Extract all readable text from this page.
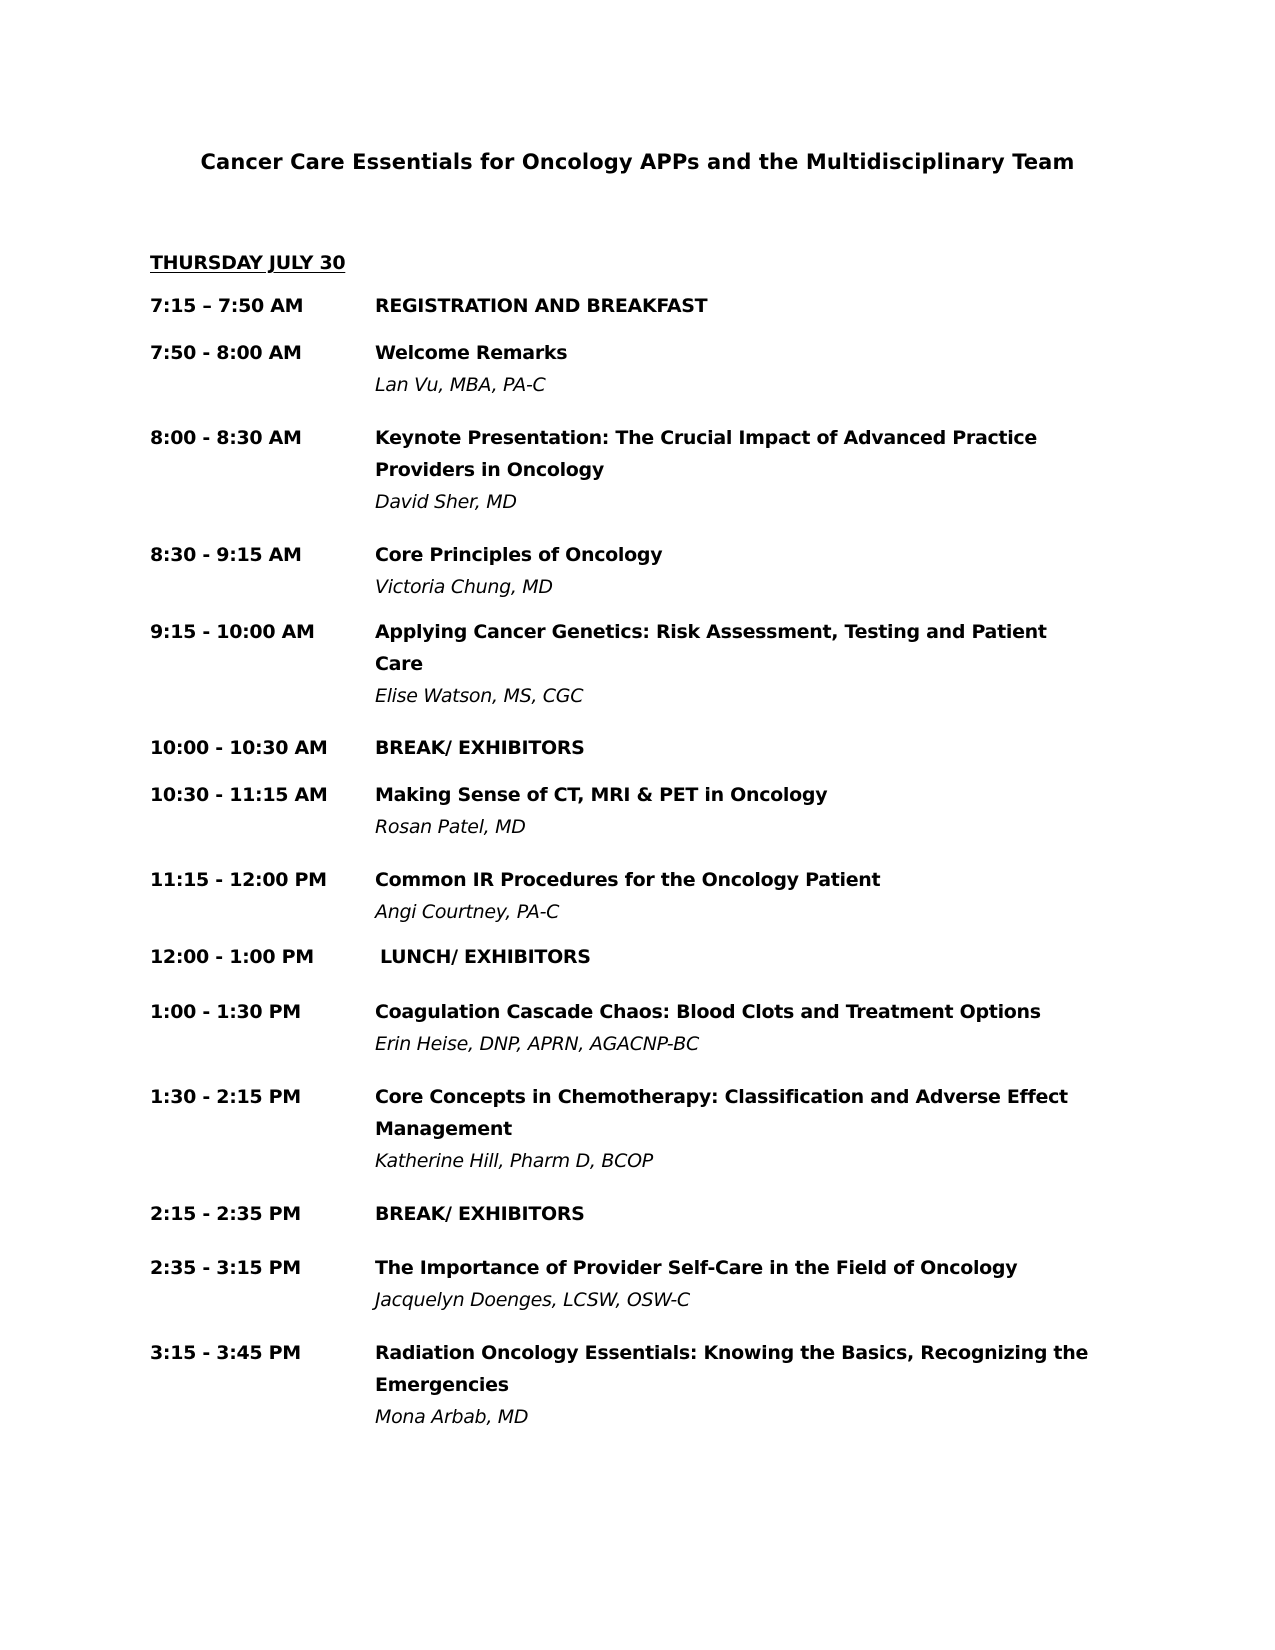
Cancer Care Essentials for Oncology APPs and the Multidisciplinary Team
THURSDAY JULY 30
7:15 – 7:50 AM	REGISTRATION AND BREAKFAST
7:50 - 8:00 AM	Welcome Remarks
Lan Vu, MBA, PA-C
8:00 - 8:30 AM	Keynote Presentation: The Crucial Impact of Advanced Practice Providers in Oncology
David Sher, MD
8:30 - 9:15 AM	Core Principles of Oncology
Victoria Chung, MD
9:15 - 10:00 AM	Applying Cancer Genetics: Risk Assessment, Testing and Patient Care
Elise Watson, MS, CGC
10:00 - 10:30 AM	BREAK/ EXHIBITORS
10:30 - 11:15 AM	Making Sense of CT, MRI & PET in Oncology
Rosan Patel, MD
11:15 - 12:00 PM	Common IR Procedures for the Oncology Patient
Angi Courtney, PA-C
12:00 - 1:00 PM	LUNCH/ EXHIBITORS
1:00 - 1:30 PM	Coagulation Cascade Chaos: Blood Clots and Treatment Options
Erin Heise, DNP, APRN, AGACNP-BC
1:30 - 2:15 PM	Core Concepts in Chemotherapy: Classification and Adverse Effect Management
Katherine Hill, Pharm D, BCOP
2:15 - 2:35 PM	BREAK/ EXHIBITORS
2:35 - 3:15 PM	The Importance of Provider Self-Care in the Field of Oncology
Jacquelyn Doenges, LCSW, OSW-C
3:15 - 3:45 PM	Radiation Oncology Essentials: Knowing the Basics, Recognizing the Emergencies
Mona Arbab, MD
